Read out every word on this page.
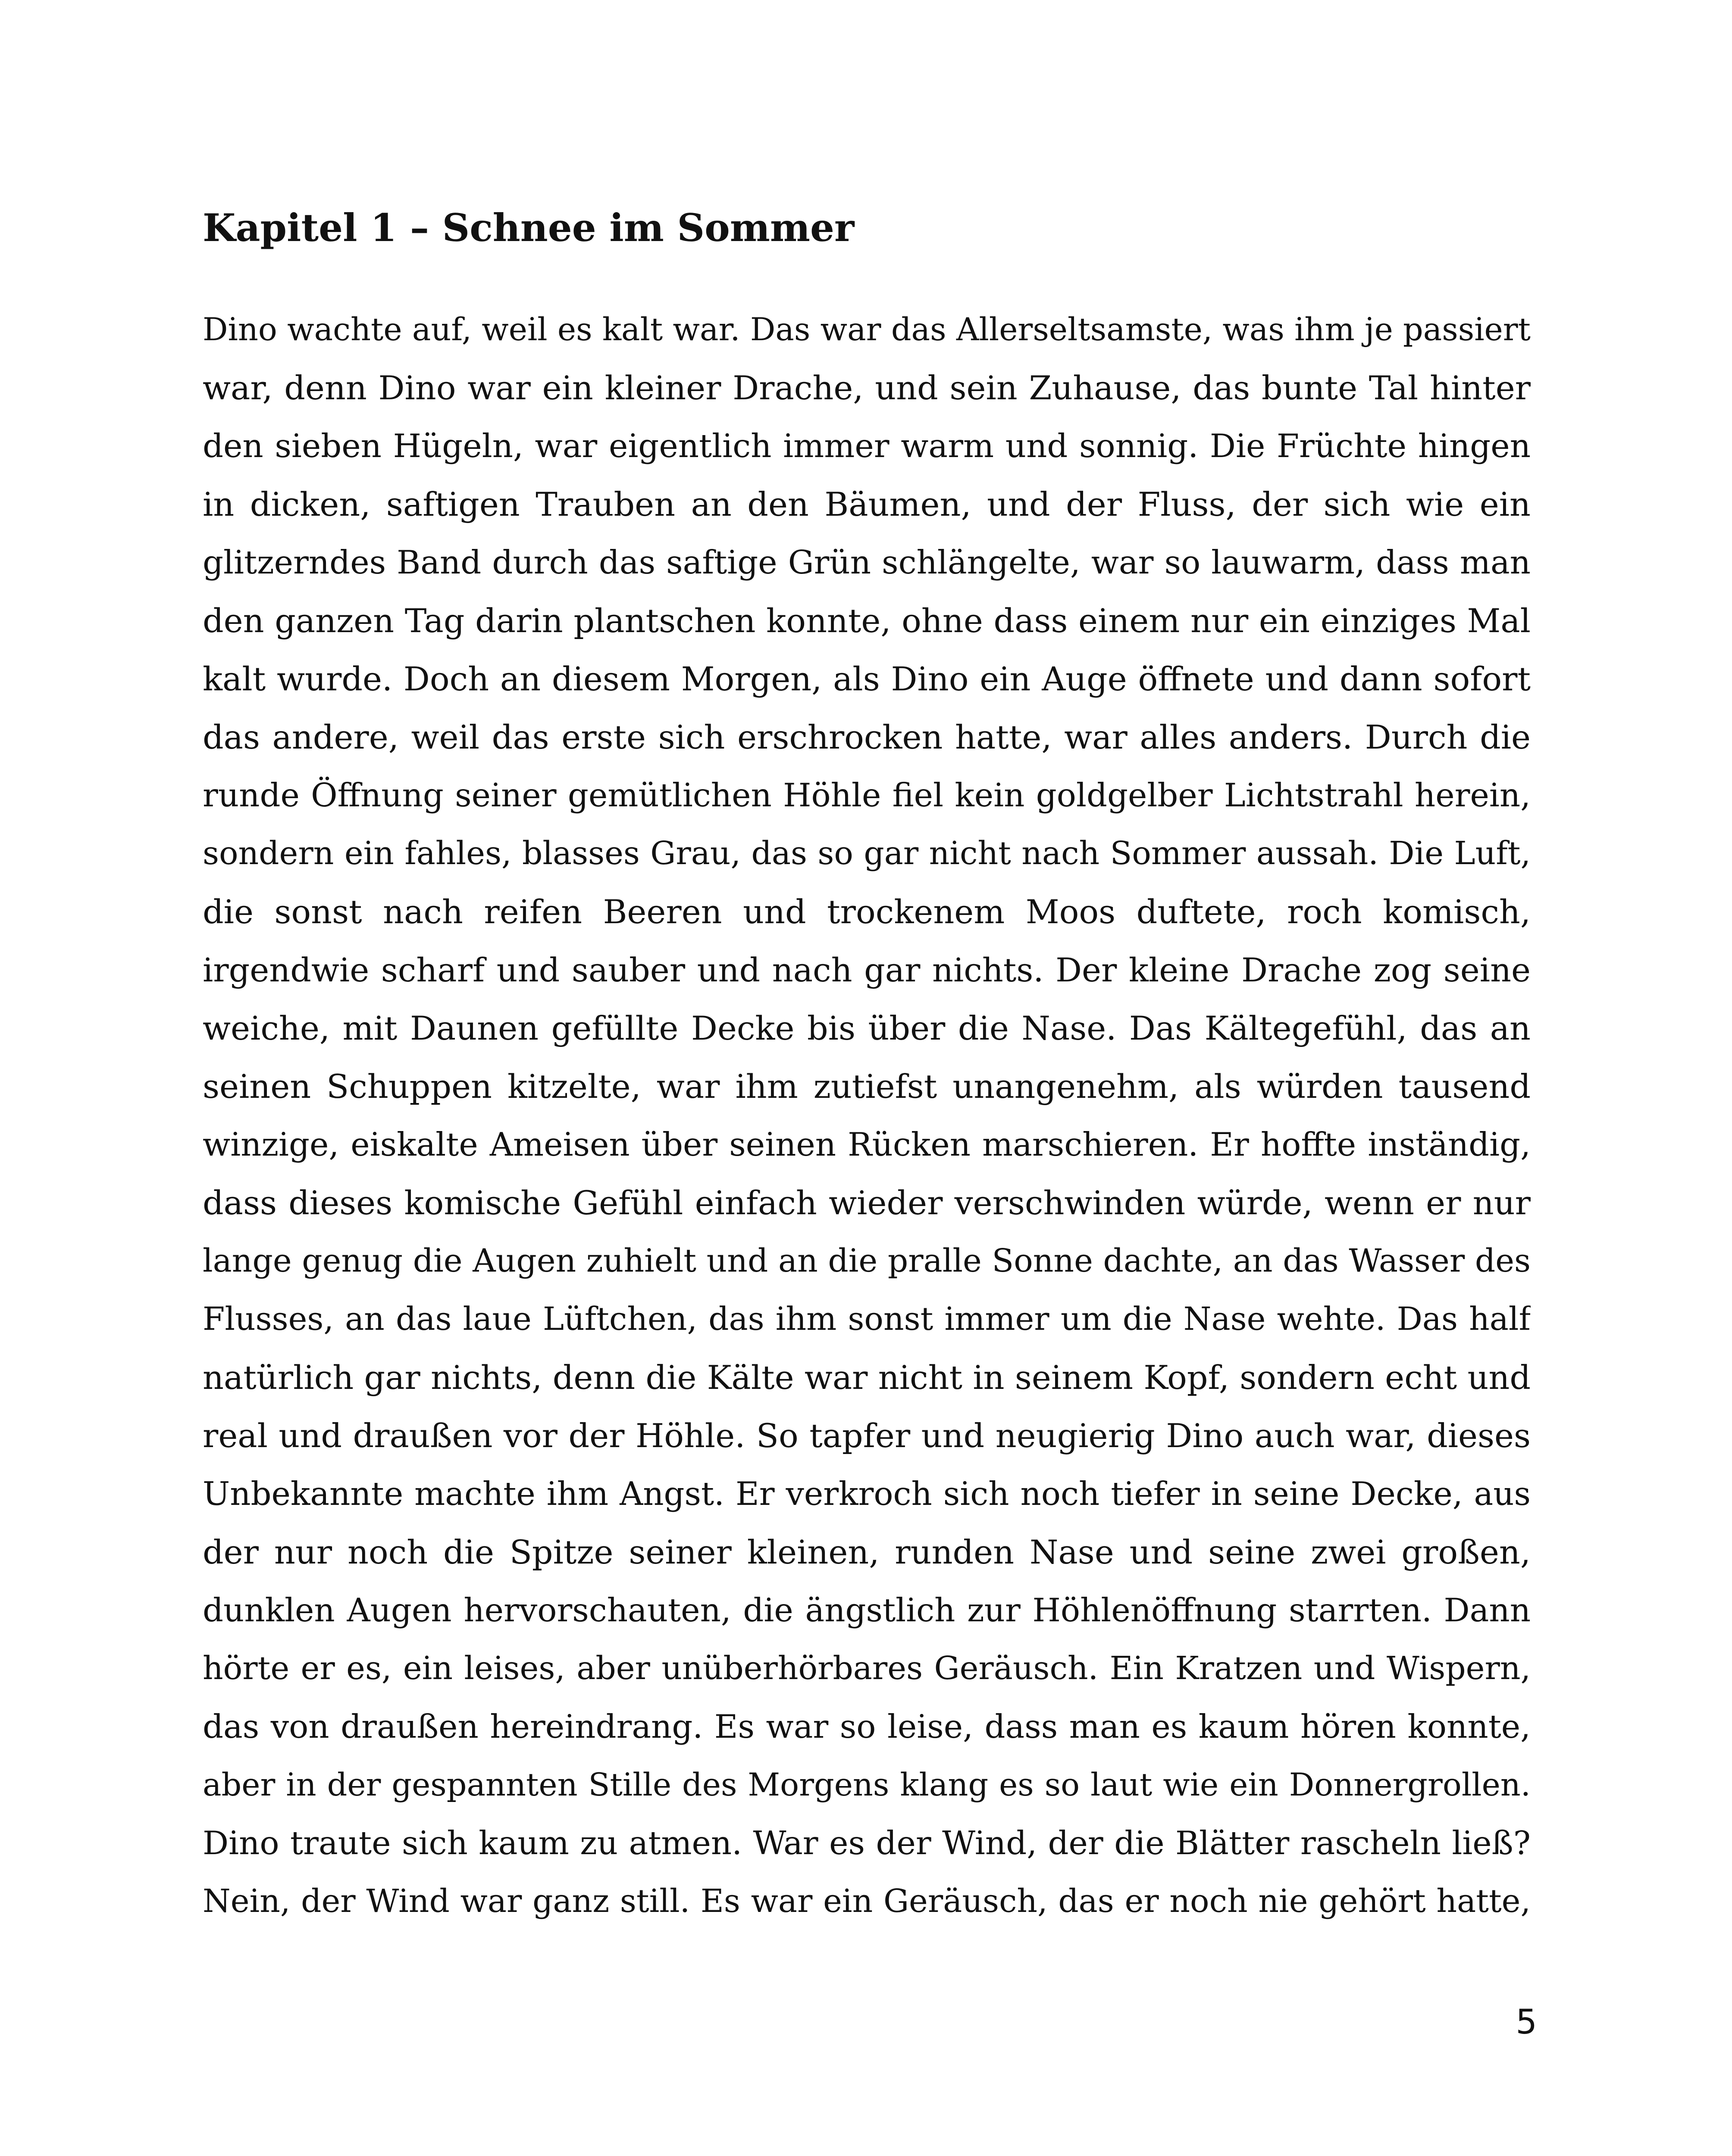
Kapitel 1 – Schnee im Sommer
Dino wachte auf, weil es kalt war. Das war das Allerseltsamste, was ihm je passiert
war, denn Dino war ein kleiner Drache, und sein Zuhause, das bunte Tal hinter
den sieben Hügeln, war eigentlich immer warm und sonnig. Die Früchte hingen
in dicken, saftigen Trauben an den Bäumen, und der Fluss, der sich wie ein
glitzerndes Band durch das saftige Grün schlängelte, war so lauwarm, dass man
den ganzen Tag darin plantschen konnte, ohne dass einem nur ein einziges Mal
kalt wurde. Doch an diesem Morgen, als Dino ein Auge öffnete und dann sofort
das andere, weil das erste sich erschrocken hatte, war alles anders. Durch die
runde Öffnung seiner gemütlichen Höhle fiel kein goldgelber Lichtstrahl herein,
sondern ein fahles, blasses Grau, das so gar nicht nach Sommer aussah. Die Luft,
die sonst nach reifen Beeren und trockenem Moos duftete, roch komisch,
irgendwie scharf und sauber und nach gar nichts. Der kleine Drache zog seine
weiche, mit Daunen gefüllte Decke bis über die Nase. Das Kältegefühl, das an
seinen Schuppen kitzelte, war ihm zutiefst unangenehm, als würden tausend
winzige, eiskalte Ameisen über seinen Rücken marschieren. Er hoffte inständig,
dass dieses komische Gefühl einfach wieder verschwinden würde, wenn er nur
lange genug die Augen zuhielt und an die pralle Sonne dachte, an das Wasser des
Flusses, an das laue Lüftchen, das ihm sonst immer um die Nase wehte. Das half
natürlich gar nichts, denn die Kälte war nicht in seinem Kopf, sondern echt und
real und draußen vor der Höhle. So tapfer und neugierig Dino auch war, dieses
Unbekannte machte ihm Angst. Er verkroch sich noch tiefer in seine Decke, aus
der nur noch die Spitze seiner kleinen, runden Nase und seine zwei großen,
dunklen Augen hervorschauten, die ängstlich zur Höhlenöffnung starrten. Dann
hörte er es, ein leises, aber unüberhörbares Geräusch. Ein Kratzen und Wispern,
das von draußen hereindrang. Es war so leise, dass man es kaum hören konnte,
aber in der gespannten Stille des Morgens klang es so laut wie ein Donnergrollen.
Dino traute sich kaum zu atmen. War es der Wind, der die Blätter rascheln ließ?
Nein, der Wind war ganz still. Es war ein Geräusch, das er noch nie gehört hatte,
5
